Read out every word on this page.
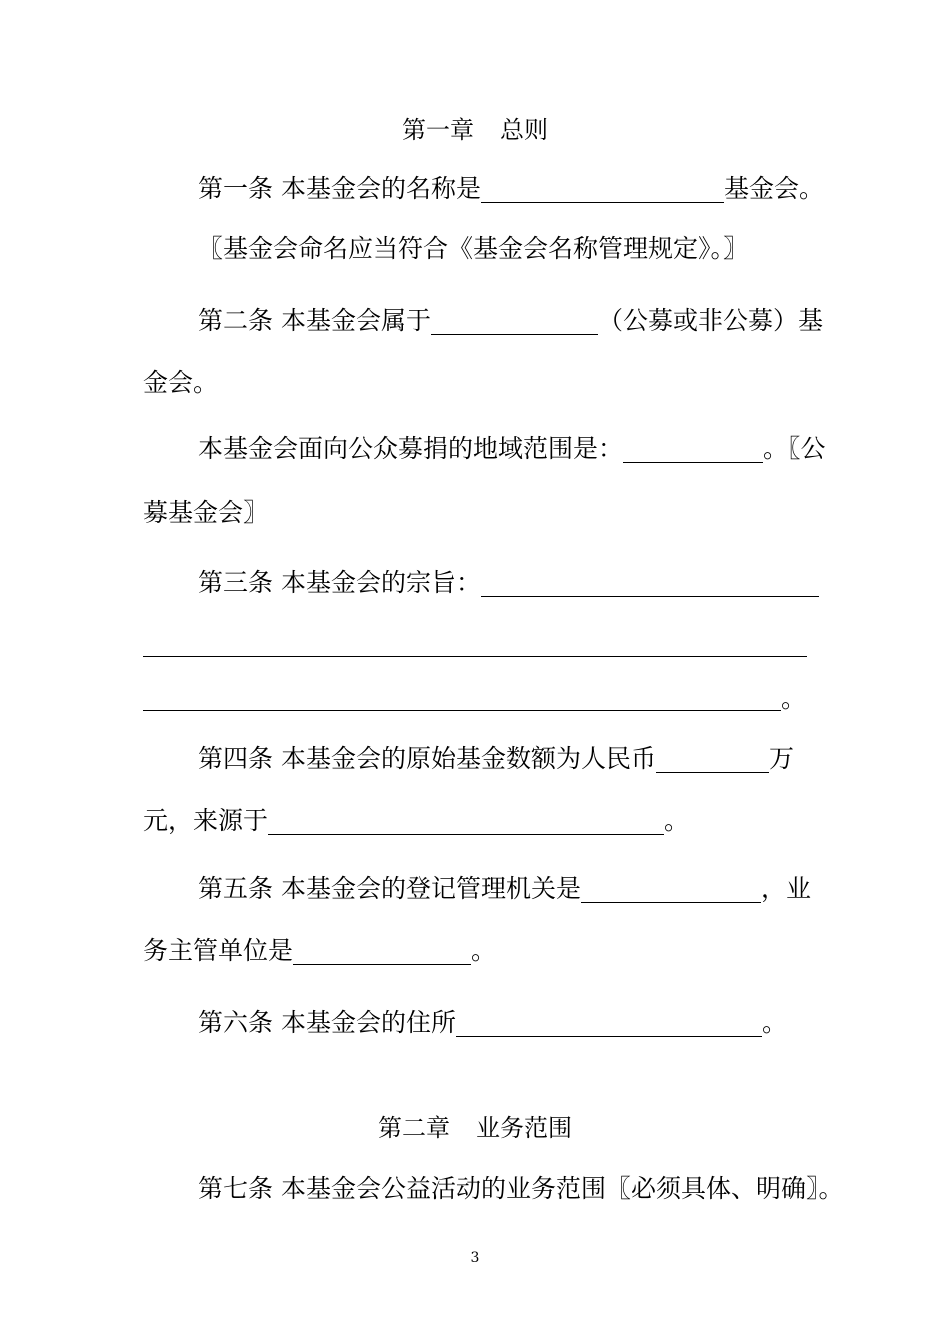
第一章 总则
第一条 本基金会的名称是	基金会。
〖基金会命名应当符合《基金会名称管理规定》。〗
第二条 本基金会属于	（公募或非公募）基
金会。
本基金会面向公众募捐的地域范围是：	。〖公
募基金会〗
第三条 本基金会的宗旨：
。
第四条 本基金会的原始基金数额为人民币	万
元，来源于	。
第五条 本基金会的登记管理机关是	，业
务主管单位是	。
第六条 本基金会的住所	。
第二章 业务范围
第七条 本基金会公益活动的业务范围〖必须具体、明确〗。
3
